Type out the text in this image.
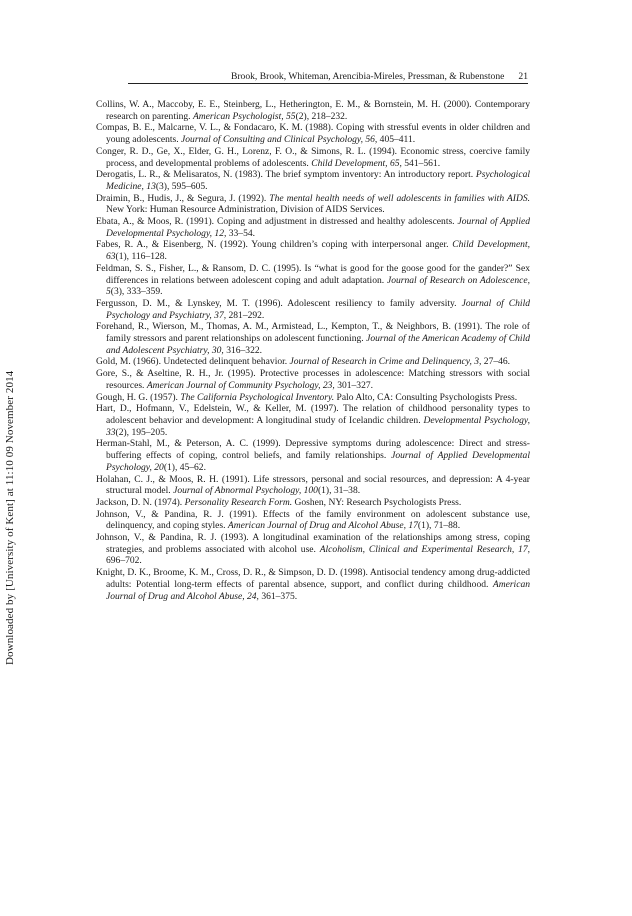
Brook, Brook, Whiteman, Arencibia-Mireles, Pressman, & Rubenstone 21
Downloaded by [University of Kent] at 11:10 09 November 2014

Collins, W. A., Maccoby, E. E., Steinberg, L., Hetherington, E. M., & Bornstein, M. H. (2000). Contemporary research on parenting. American Psychologist, 55(2), 218–232.

Compas, B. E., Malcarne, V. L., & Fondacaro, K. M. (1988). Coping with stressful events in older children and young adolescents. Journal of Consulting and Clinical Psychology, 56, 405–411.

Conger, R. D., Ge, X., Elder, G. H., Lorenz, F. O., & Simons, R. L. (1994). Economic stress, coercive family process, and developmental problems of adolescents. Child Development, 65, 541–561.

Derogatis, L. R., & Melisaratos, N. (1983). The brief symptom inventory: An introductory report. Psychological Medicine, 13(3), 595–605.

Draimin, B., Hudis, J., & Segura, J. (1992). The mental health needs of well adolescents in families with AIDS. New York: Human Resource Administration, Division of AIDS Services.

Ebata, A., & Moos, R. (1991). Coping and adjustment in distressed and healthy adolescents. Journal of Applied Developmental Psychology, 12, 33–54.

Fabes, R. A., & Eisenberg, N. (1992). Young children’s coping with interpersonal anger. Child Development, 63(1), 116–128.

Feldman, S. S., Fisher, L., & Ransom, D. C. (1995). Is “what is good for the goose good for the gander?” Sex differences in relations between adolescent coping and adult adaptation. Journal of Research on Adolescence, 5(3), 333–359.

Fergusson, D. M., & Lynskey, M. T. (1996). Adolescent resiliency to family adversity. Journal of Child Psychology and Psychiatry, 37, 281–292.

Forehand, R., Wierson, M., Thomas, A. M., Armistead, L., Kempton, T., & Neighbors, B. (1991). The role of family stressors and parent relationships on adolescent functioning. Journal of the American Academy of Child and Adolescent Psychiatry, 30, 316–322.

Gold, M. (1966). Undetected delinquent behavior. Journal of Research in Crime and Delinquency, 3, 27–46.

Gore, S., & Aseltine, R. H., Jr. (1995). Protective processes in adolescence: Matching stressors with social resources. American Journal of Community Psychology, 23, 301–327.

Gough, H. G. (1957). The California Psychological Inventory. Palo Alto, CA: Consulting Psychologists Press.

Hart, D., Hofmann, V., Edelstein, W., & Keller, M. (1997). The relation of childhood personality types to adolescent behavior and development: A longitudinal study of Icelandic children. Developmental Psychology, 33(2), 195–205.

Herman-Stahl, M., & Peterson, A. C. (1999). Depressive symptoms during adolescence: Direct and stress-buffering effects of coping, control beliefs, and family relationships. Journal of Applied Developmental Psychology, 20(1), 45–62.

Holahan, C. J., & Moos, R. H. (1991). Life stressors, personal and social resources, and depression: A 4-year structural model. Journal of Abnormal Psychology, 100(1), 31–38.

Jackson, D. N. (1974). Personality Research Form. Goshen, NY: Research Psychologists Press.

Johnson, V., & Pandina, R. J. (1991). Effects of the family environment on adolescent substance use, delinquency, and coping styles. American Journal of Drug and Alcohol Abuse, 17(1), 71–88.

Johnson, V., & Pandina, R. J. (1993). A longitudinal examination of the relationships among stress, coping strategies, and problems associated with alcohol use. Alcoholism, Clinical and Experimental Research, 17, 696–702.

Knight, D. K., Broome, K. M., Cross, D. R., & Simpson, D. D. (1998). Antisocial tendency among drug-addicted adults: Potential long-term effects of parental absence, support, and conflict during childhood. American Journal of Drug and Alcohol Abuse, 24, 361–375.
